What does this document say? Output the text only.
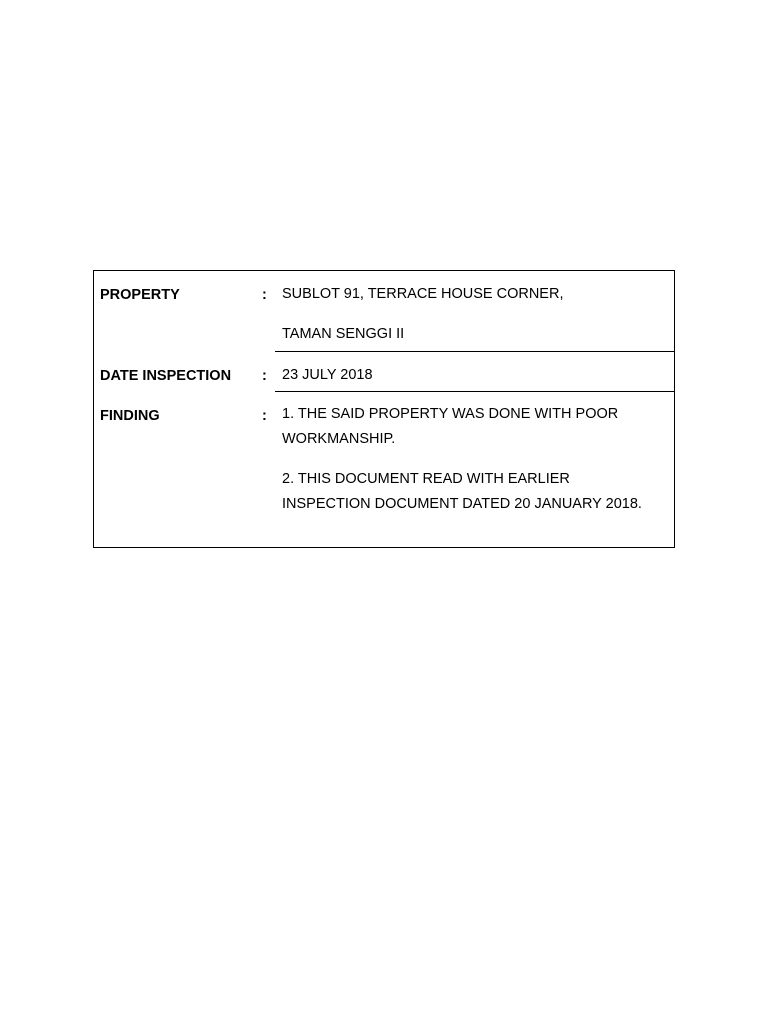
PROPERTY	: SUBLOT 91, TERRACE HOUSE CORNER,
TAMAN SENGGI II
DATE INSPECTION : 23 JULY 2018
FINDING	: 1. THE SAID PROPERTY WAS DONE WITH POOR WORKMANSHIP.
2. THIS DOCUMENT READ WITH EARLIER INSPECTION DOCUMENT DATED 20 JANUARY 2018.
